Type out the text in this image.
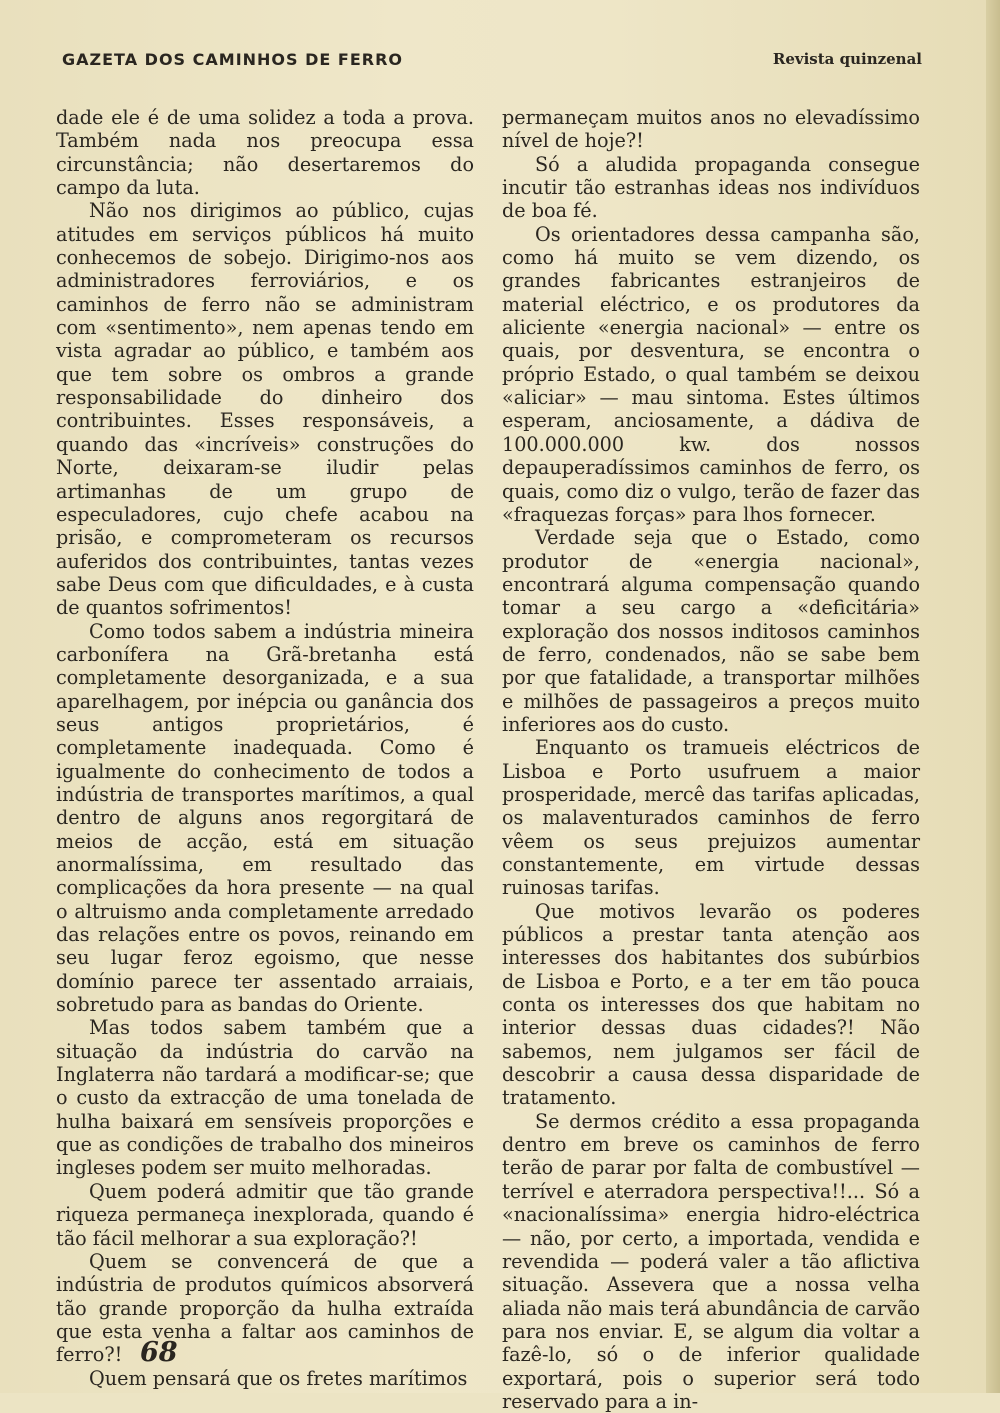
GAZETA DOS CAMINHOS DE FERRO	Revista quinzenal

dade ele é de uma solidez a toda a prova. Também nada nos preocupa essa circunstância; não desertaremos do campo da luta.

Não nos dirigimos ao público, cujas atitudes em serviços públicos há muito conhecemos de sobejo. Dirigimo-nos aos administradores ferroviários, e os caminhos de ferro não se administram com «sentimento», nem apenas tendo em vista agradar ao público, e também aos que tem sobre os ombros a grande responsabilidade do dinheiro dos contribuintes. Esses responsáveis, a quando das «incríveis» construções do Norte, deixaram-se iludir pelas artimanhas de um grupo de especuladores, cujo chefe acabou na prisão, e comprometeram os recursos auferidos dos contribuintes, tantas vezes sabe Deus com que dificuldades, e à custa de quantos sofrimentos!

Como todos sabem a indústria mineira carbonífera na Grã-bretanha está completamente desorganizada, e a sua aparelhagem, por inépcia ou ganância dos seus antigos proprietários, é completamente inadequada. Como é igualmente do conhecimento de todos a indústria de transportes marítimos, a qual dentro de alguns anos regorgitará de meios de acção, está em situação anormalíssima, em resultado das complicações da hora presente — na qual o altruismo anda completamente arredado das relações entre os povos, reinando em seu lugar feroz egoismo, que nesse domínio parece ter assentado arraiais, sobretudo para as bandas do Oriente.

Mas todos sabem também que a situação da indústria do carvão na Inglaterra não tardará a modificar-se; que o custo da extracção de uma tonelada de hulha baixará em sensíveis proporções e que as condições de trabalho dos mineiros ingleses podem ser muito melhoradas.

Quem poderá admitir que tão grande riqueza permaneça inexplorada, quando é tão fácil melhorar a sua exploração?!

Quem se convencerá de que a indústria de produtos químicos absorverá tão grande proporção da hulha extraída que esta venha a faltar aos caminhos de ferro?!

Quem pensará que os fretes marítimos

permaneçam muitos anos no elevadíssimo nível de hoje?!

Só a aludida propaganda consegue incutir tão estranhas ideas nos indivíduos de boa fé.

Os orientadores dessa campanha são, como há muito se vem dizendo, os grandes fabricantes estranjeiros de material eléctrico, e os produtores da aliciente «energia nacional» — entre os quais, por desventura, se encontra o próprio Estado, o qual também se deixou «aliciar» — mau sintoma. Estes últimos esperam, anciosamente, a dádiva de 100.000.000 kw. dos nossos depauperadíssimos caminhos de ferro, os quais, como diz o vulgo, terão de fazer das «fraquezas forças» para lhos fornecer.

Verdade seja que o Estado, como produtor de «energia nacional», encontrará alguma compensação quando tomar a seu cargo a «deficitária» exploração dos nossos inditosos caminhos de ferro, condenados, não se sabe bem por que fatalidade, a transportar milhões e milhões de passageiros a preços muito inferiores aos do custo.

Enquanto os tramueis eléctricos de Lisboa e Porto usufruem a maior prosperidade, mercê das tarifas aplicadas, os malaventurados caminhos de ferro vêem os seus prejuizos aumentar constantemente, em virtude dessas ruinosas tarifas.

Que motivos levarão os poderes públicos a prestar tanta atenção aos interesses dos habitantes dos subúrbios de Lisboa e Porto, e a ter em tão pouca conta os interesses dos que habitam no interior dessas duas cidades?! Não sabemos, nem julgamos ser fácil de descobrir a causa dessa disparidade de tratamento.

Se dermos crédito a essa propaganda dentro em breve os caminhos de ferro terão de parar por falta de combustível — terrível e aterradora perspectiva!!... Só a «nacionalíssima» energia hidro-eléctrica — não, por certo, a importada, vendida e revendida — poderá valer a tão aflictiva situação. Assevera que a nossa velha aliada não mais terá abundância de carvão para nos enviar. E, se algum dia voltar a fazê-lo, só o de inferior qualidade exportará, pois o superior será todo reservado para a in-

68
